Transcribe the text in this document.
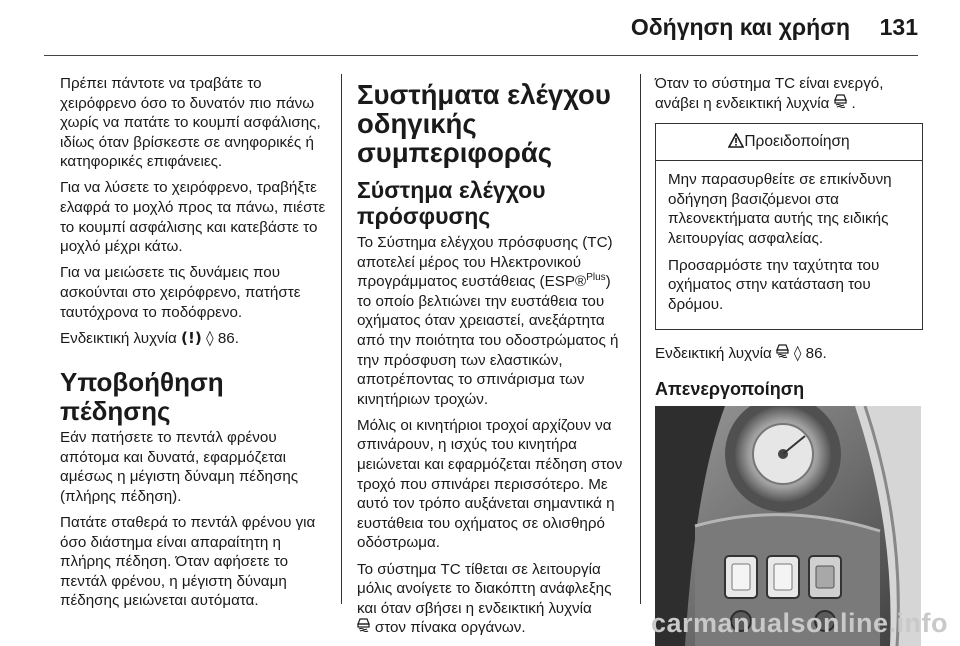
Οδήγηση και χρήση 131

Πρέπει πάντοτε να τραβάτε το χειρόφρενο όσο το δυνατόν πιο πάνω χωρίς να πατάτε το κουμπί ασφάλισης, ιδίως όταν βρίσκεστε σε ανηφορικές ή κατηφορικές επιφάνειες.

Για να λύσετε το χειρόφρενο, τραβήξτε ελαφρά το μοχλό προς τα πάνω, πιέστε το κουμπί ασφάλισης και κατεβάστε το μοχλό μέχρι κάτω.

Για να μειώσετε τις δυνάμεις που ασκούνται στο χειρόφρενο, πατήστε ταυτόχρονα το ποδόφρενο.

Ενδεικτική λυχνία (!) ◊ 86.

Υποβοήθηση πέδησης

Εάν πατήσετε το πεντάλ φρένου απότομα και δυνατά, εφαρμόζεται αμέσως η μέγιστη δύναμη πέδησης (πλήρης πέδηση).

Πατάτε σταθερά το πεντάλ φρένου για όσο διάστημα είναι απαραίτητη η πλήρης πέδηση. Όταν αφήσετε το πεντάλ φρένου, η μέγιστη δύναμη πέδησης μειώνεται αυτόματα.

Συστήματα ελέγχου οδηγικής συμπεριφοράς
Σύστημα ελέγχου πρόσφυσης

Το Σύστημα ελέγχου πρόσφυσης (TC) αποτελεί μέρος του Ηλεκτρονικού προγράμματος ευστάθειας (ESP®$^{Plus}$) το οποίο βελτιώνει την ευστάθεια του οχήματος όταν χρειαστεί, ανεξάρτητα από την ποιότητα του οδοστρώματος ή την πρόσφυση των ελαστικών, αποτρέποντας το σπινάρισμα των κινητήριων τροχών.

Μόλις οι κινητήριοι τροχοί αρχίζουν να σπινάρουν, η ισχύς του κινητήρα μειώνεται και εφαρμόζεται πέδηση στον τροχό που σπινάρει περισσότερο. Με αυτό τον τρόπο αυξάνεται σημαντικά η ευστάθεια του οχήματος σε ολισθηρό οδόστρωμα.

Το σύστημα TC τίθεται σε λειτουργία μόλις ανοίγετε το διακόπτη ανάφλεξης και όταν σβήσει η ενδεικτική λυχνία
στον πίνακα οργάνων.

Όταν το σύστημα TC είναι ενεργό, ανάβει η ενδεικτική λυχνία .

Προειδοποίηση

Μην παρασυρθείτε σε επικίνδυνη οδήγηση βασιζόμενοι στα πλεονεκτήματα αυτής της ειδικής λειτουργίας ασφαλείας.

Προσαρμόστε την ταχύτητα του οχήματος στην κατάσταση του δρόμου.

Ενδεικτική λυχνία ◊ 86.

Απενεργοποίηση
carmanualsonline.info
